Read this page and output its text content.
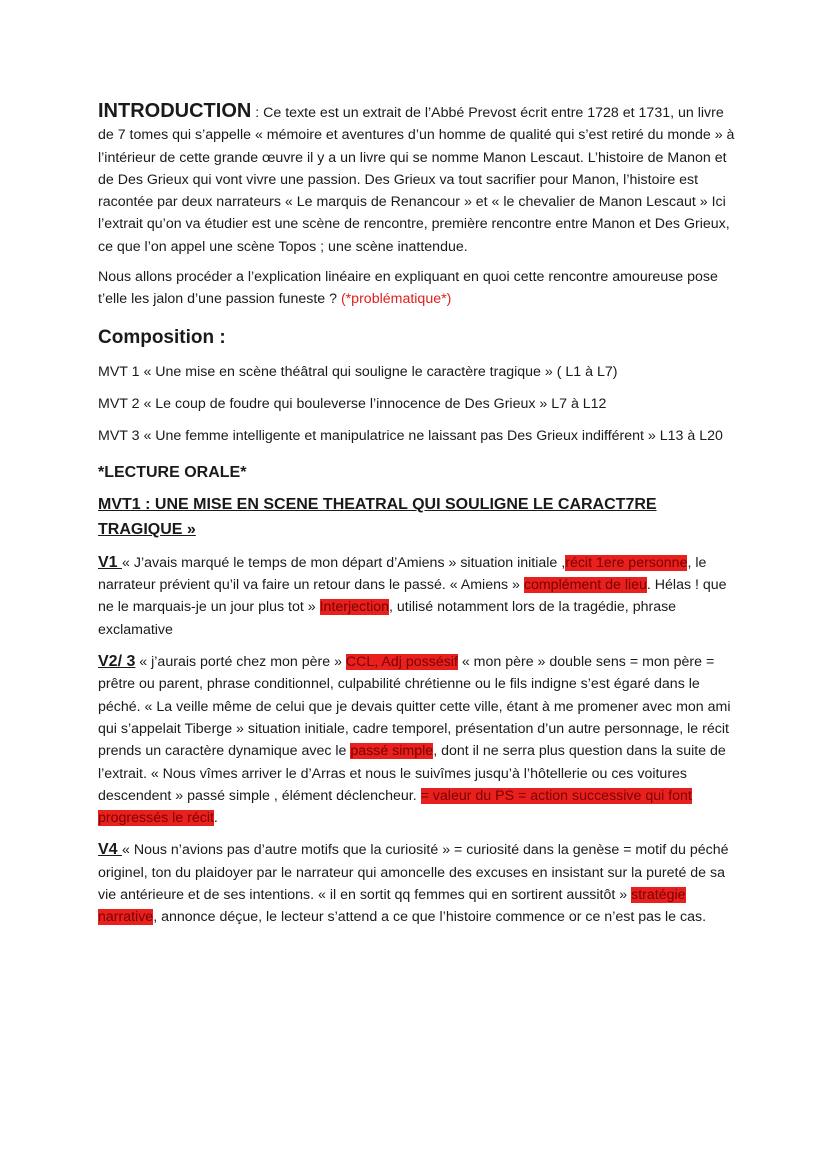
INTRODUCTION : Ce texte est un extrait de l’Abbé Prevost écrit entre 1728 et 1731, un livre de 7 tomes qui s’appelle « mémoire et aventures d’un homme de qualité qui s’est retiré du monde » à l’intérieur de cette grande œuvre il y a un livre qui se nomme Manon Lescaut. L’histoire de Manon et de Des Grieux qui vont vivre une passion. Des Grieux va tout sacrifier pour Manon, l’histoire est racontée par deux narrateurs « Le marquis de Renancour » et « le chevalier de Manon Lescaut » Ici l’extrait qu’on va étudier est une scène de rencontre, première rencontre entre Manon et Des Grieux, ce que l’on appel une scène Topos ; une scène inattendue.

Nous allons procéder a l’explication linéaire en expliquant en quoi cette rencontre amoureuse pose t’elle les jalon d’une passion funeste ? (*problématique*)

Composition :

MVT 1 « Une mise en scène théâtral qui souligne le caractère tragique » ( L1 à L7)

MVT 2 « Le coup de foudre qui bouleverse l’innocence de Des Grieux » L7 à L12

MVT 3 « Une femme intelligente et manipulatrice ne laissant pas Des Grieux indifférent » L13 à L20

*LECTURE ORALE*
MVT1 : UNE MISE EN SCENE THEATRAL QUI SOULIGNE LE CARACT7RE TRAGIQUE »

V1 « J’avais marqué le temps de mon départ d’Amiens » situation initiale ,récit 1ere personne, le narrateur prévient qu’il va faire un retour dans le passé. « Amiens » complément de lieu. Hélas ! que ne le marquais-je un jour plus tot » Interjection, utilisé notamment lors de la tragédie, phrase exclamative

V2/ 3 « j’aurais porté chez mon père » CCL, Adj possésif « mon père » double sens = mon père = prêtre ou parent, phrase conditionnel, culpabilité chrétienne ou le fils indigne s’est égaré dans le péché. « La veille même de celui que je devais quitter cette ville, étant à me promener avec mon ami qui s’appelait Tiberge » situation initiale, cadre temporel, présentation d’un autre personnage, le récit prends un caractère dynamique avec le passé simple, dont il ne serra plus question dans la suite de l’extrait. « Nous vîmes arriver le d’Arras et nous le suivîmes jusqu’à l’hôtellerie ou ces voitures descendent » passé simple , élément déclencheur. = valeur du PS = action successive qui font progressés le récit.

V4 « Nous n’avions pas d’autre motifs que la curiosité » = curiosité dans la genèse = motif du péché originel, ton du plaidoyer par le narrateur qui amoncelle des excuses en insistant sur la pureté de sa vie antérieure et de ses intentions. « il en sortit qq femmes qui en sortirent aussitôt » stratégie narrative, annonce déçue, le lecteur s’attend a ce que l’histoire commence or ce n’est pas le cas.
